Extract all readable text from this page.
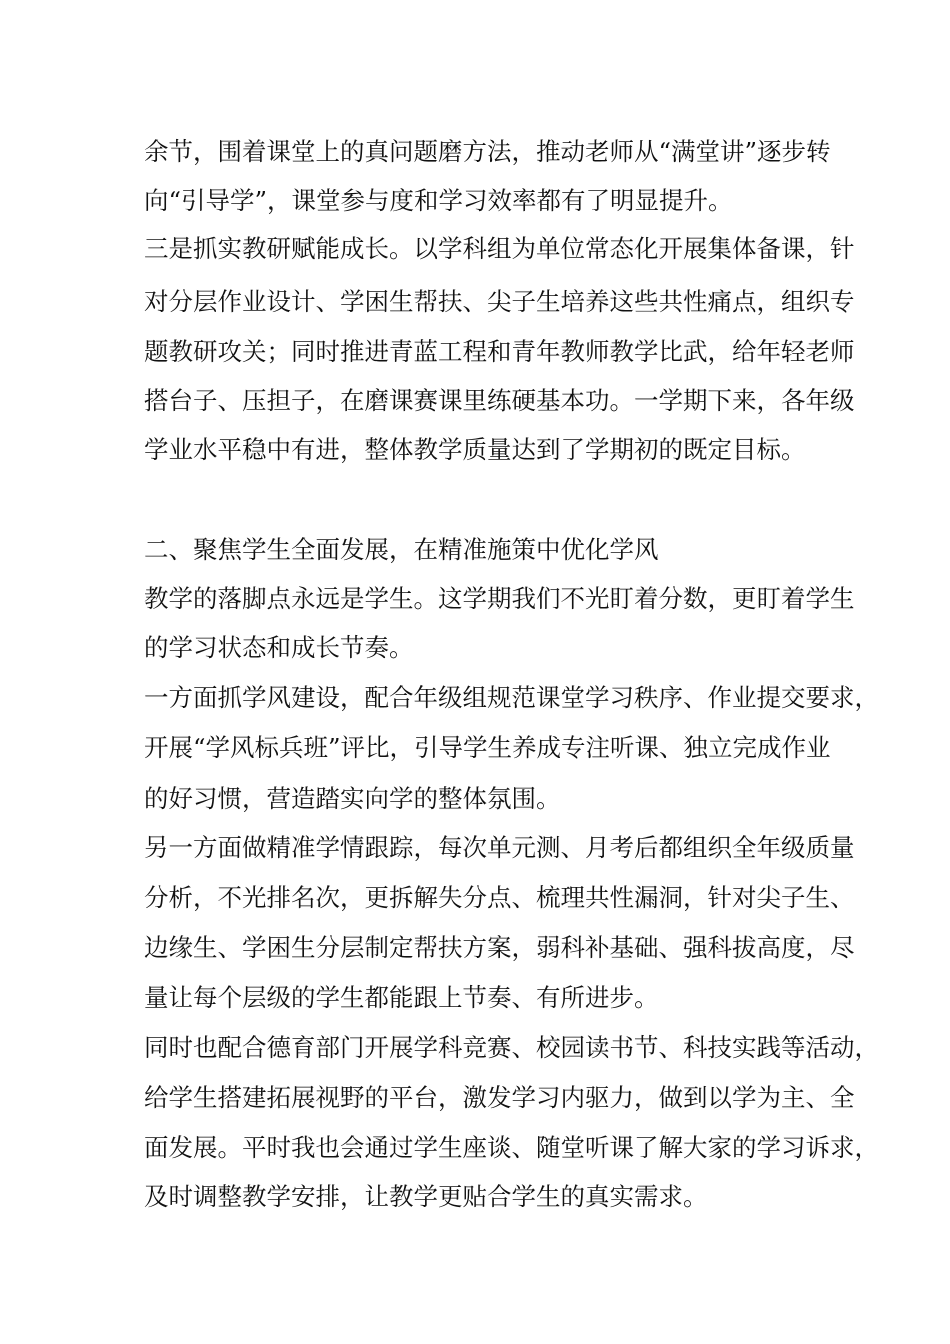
余节，围着课堂上的真问题磨方法，推动老师从“满堂讲”逐步转
向“引导学”，课堂参与度和学习效率都有了明显提升。
三是抓实教研赋能成长。以学科组为单位常态化开展集体备课，针
对分层作业设计、学困生帮扶、尖子生培养这些共性痛点，组织专
题教研攻关；同时推进青蓝工程和青年教师教学比武，给年轻老师
搭台子、压担子，在磨课赛课里练硬基本功。一学期下来，各年级
学业水平稳中有进，整体教学质量达到了学期初的既定目标。
二、聚焦学生全面发展，在精准施策中优化学风
教学的落脚点永远是学生。这学期我们不光盯着分数，更盯着学生
的学习状态和成长节奏。
一方面抓学风建设，配合年级组规范课堂学习秩序、作业提交要求，
开展“学风标兵班”评比，引导学生养成专注听课、独立完成作业
的好习惯，营造踏实向学的整体氛围。
另一方面做精准学情跟踪，每次单元测、月考后都组织全年级质量
分析，不光排名次，更拆解失分点、梳理共性漏洞，针对尖子生、
边缘生、学困生分层制定帮扶方案，弱科补基础、强科拔高度，尽
量让每个层级的学生都能跟上节奏、有所进步。
同时也配合德育部门开展学科竞赛、校园读书节、科技实践等活动，
给学生搭建拓展视野的平台，激发学习内驱力，做到以学为主、全
面发展。平时我也会通过学生座谈、随堂听课了解大家的学习诉求，
及时调整教学安排，让教学更贴合学生的真实需求。
